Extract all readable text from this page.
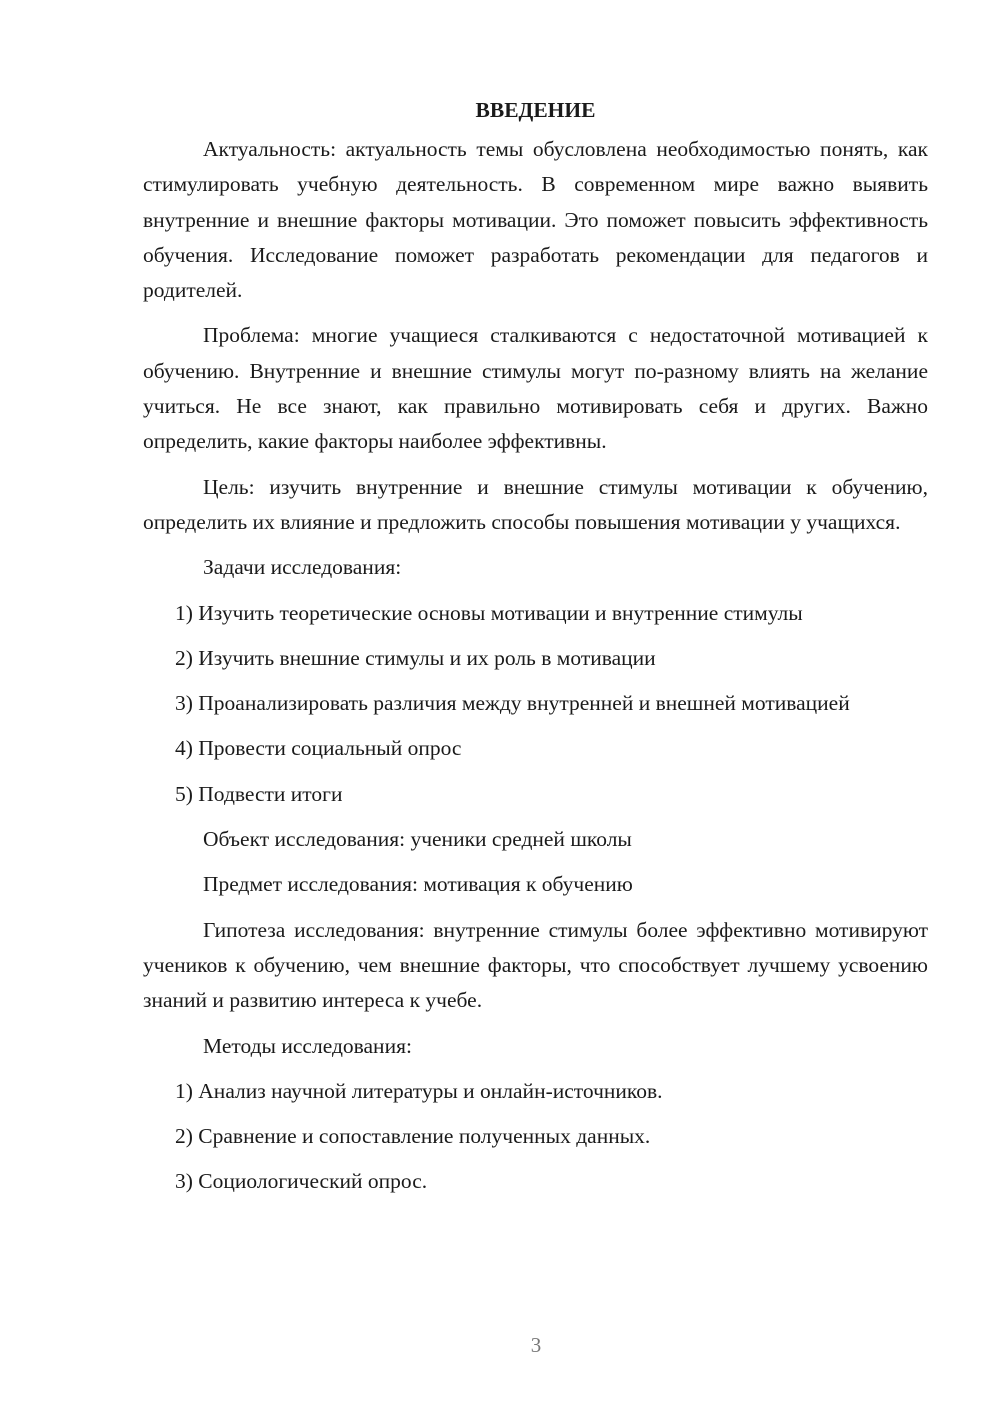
ВВЕДЕНИЕ
Актуальность: актуальность темы обусловлена необходимостью понять, как стимулировать учебную деятельность. В современном мире важно выявить внутренние и внешние факторы мотивации. Это поможет повысить эффективность обучения. Исследование поможет разработать рекомендации для педагогов и родителей.
Проблема: многие учащиеся сталкиваются с недостаточной мотивацией к обучению. Внутренние и внешние стимулы могут по-разному влиять на желание учиться. Не все знают, как правильно мотивировать себя и других. Важно определить, какие факторы наиболее эффективны.
Цель: изучить внутренние и внешние стимулы мотивации к обучению, определить их влияние и предложить способы повышения мотивации у учащихся.
Задачи исследования:
1) Изучить теоретические основы мотивации и внутренние стимулы
2) Изучить внешние стимулы и их роль в мотивации
3) Проанализировать различия между внутренней и внешней мотивацией
4) Провести социальный опрос
5) Подвести итоги
Объект исследования: ученики средней школы
Предмет исследования: мотивация к обучению
Гипотеза исследования: внутренние стимулы более эффективно мотивируют учеников к обучению, чем внешние факторы, что способствует лучшему усвоению знаний и развитию интереса к учебе.
Методы исследования:
1) Анализ научной литературы и онлайн-источников.
2) Сравнение и сопоставление полученных данных.
3) Социологический опрос.
3
